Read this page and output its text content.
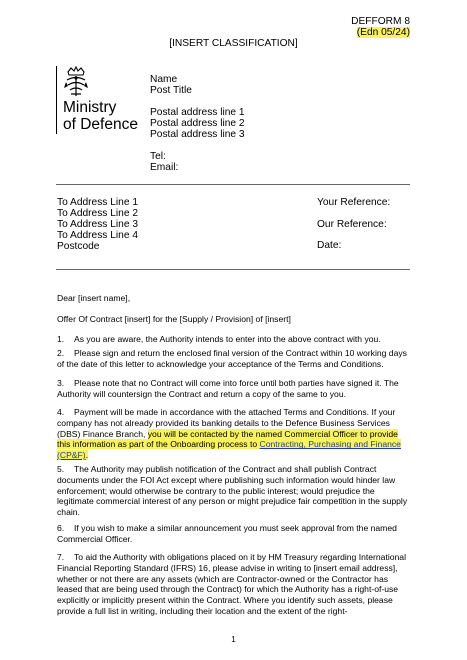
DEFFORM 8
(Edn 05/24)
[INSERT CLASSIFICATION]
Ministry
of Defence
Name
Post Title
Postal address line 1
Postal address line 2
Postal address line 3
Tel:
Email:
To Address Line 1
To Address Line 2
To Address Line 3
To Address Line 4
Postcode
Your Reference:
Our Reference:
Date:
Dear [insert name],
Offer Of Contract [insert] for the [Supply / Provision] of [insert]
1. As you are aware, the Authority intends to enter into the above contract with you.
2. Please sign and return the enclosed final version of the Contract within 10 working days of the date of this letter to acknowledge your acceptance of the Terms and Conditions.
3. Please note that no Contract will come into force until both parties have signed it. The Authority will countersign the Contract and return a copy of the same to you.
4. Payment will be made in accordance with the attached Terms and Conditions. If your company has not already provided its banking details to the Defence Business Services (DBS) Finance Branch, you will be contacted by the named Commercial Officer to provide this information as part of the Onboarding process to Contracting, Purchasing and Finance (CP&F).
5. The Authority may publish notification of the Contract and shall publish Contract documents under the FOI Act except where publishing such information would hinder law enforcement; would otherwise be contrary to the public interest; would prejudice the legitimate commercial interest of any person or might prejudice fair competition in the supply chain.
6. If you wish to make a similar announcement you must seek approval from the named Commercial Officer.
7. To aid the Authority with obligations placed on it by HM Treasury regarding International Financial Reporting Standard (IFRS) 16, please advise in writing to [insert email address], whether or not there are any assets (which are Contractor-owned or the Contractor has leased that are being used through the Contract) for which the Authority has a right-of-use explicitly or implicitly present within the Contract. Where you identify such assets, please provide a full list in writing, including their location and the extent of the right-
1
